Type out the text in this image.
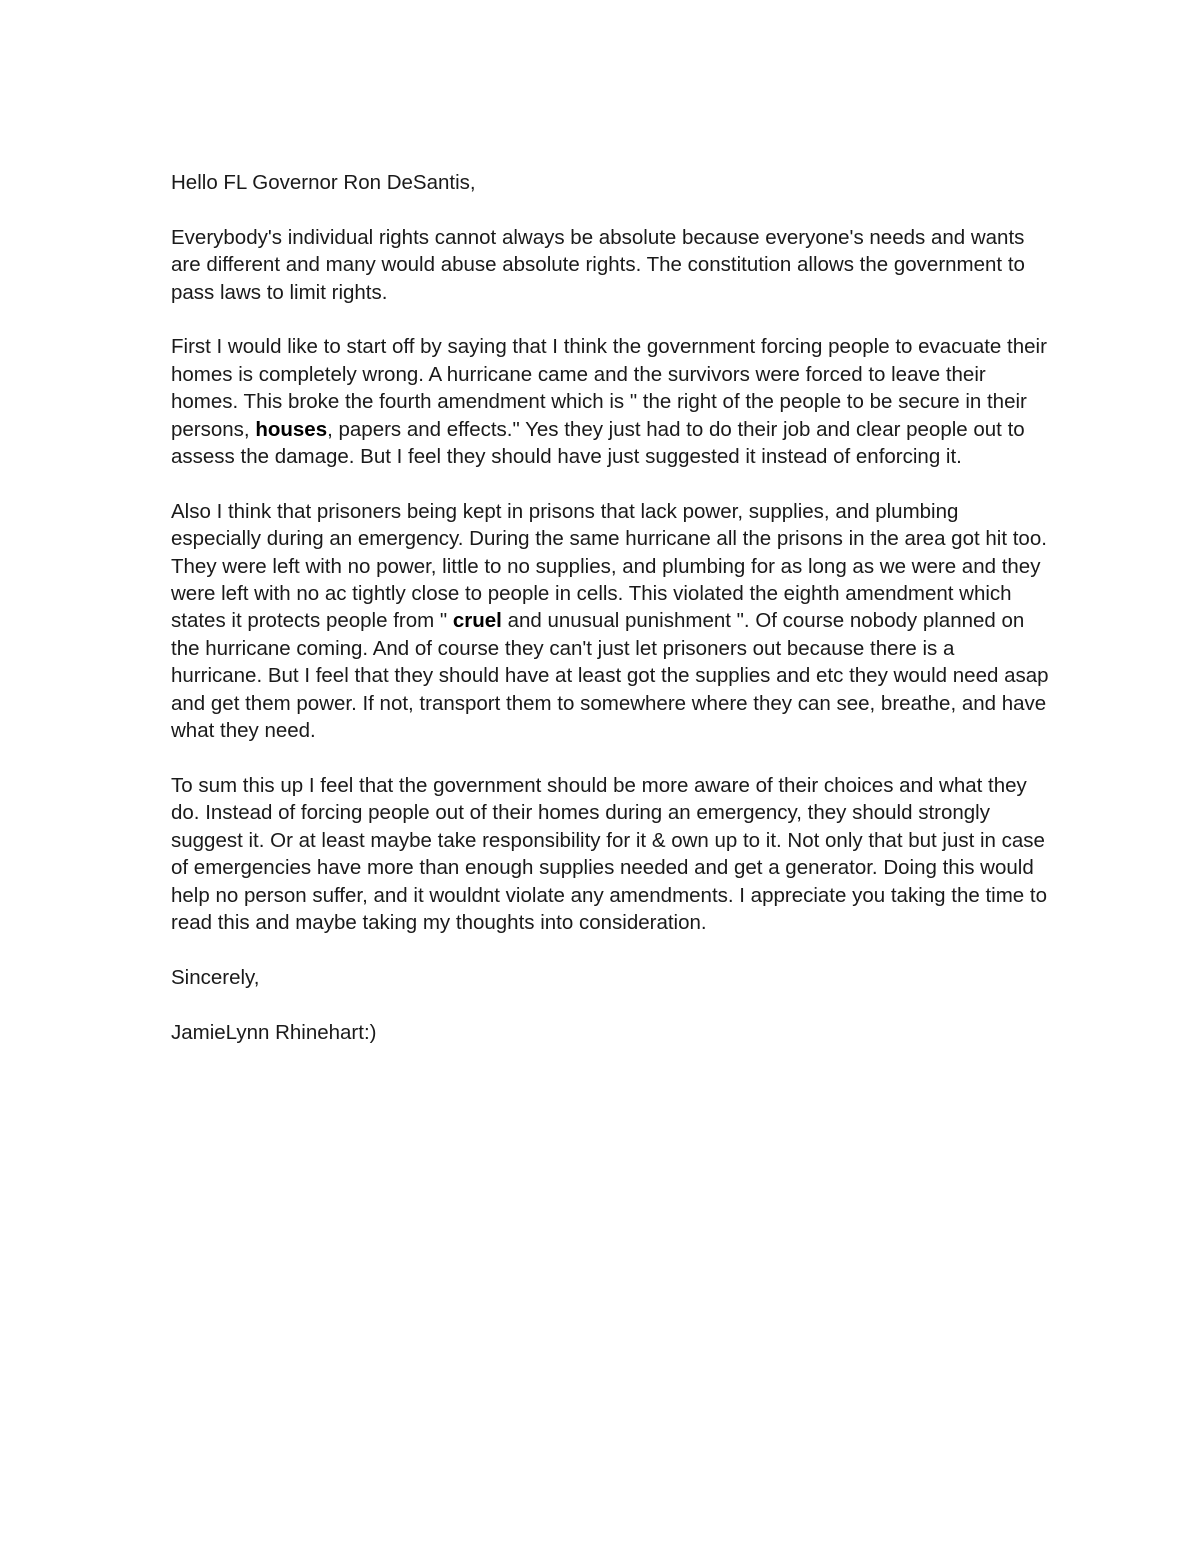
Hello FL Governor Ron DeSantis,

Everybody's individual rights cannot always be absolute because everyone's needs and wants are different and many would abuse absolute rights. The constitution allows the government to pass laws to limit rights.

First I would like to start off by saying that I think the government forcing people to evacuate their homes is completely wrong. A hurricane came and the survivors were forced to leave their homes. This broke the fourth amendment which is " the right of the people to be secure in their persons, houses, papers and effects." Yes they just had to do their job and clear people out to assess the damage. But I feel they should have just suggested it instead of enforcing it.

Also I think that prisoners being kept in prisons that lack power, supplies, and plumbing especially during an emergency. During the same hurricane all the prisons in the area got hit too. They were left with no power, little to no supplies, and plumbing for as long as we were and they were left with no ac tightly close to people in cells. This violated the eighth amendment which states it protects people from " cruel and unusual punishment ". Of course nobody planned on the hurricane coming. And of course they can't just let prisoners out because there is a hurricane. But I feel that they should have at least got the supplies and etc they would need asap and get them power. If not, transport them to somewhere where they can see, breathe, and have what they need.

To sum this up I feel that the government should be more aware of their choices and what they do. Instead of forcing people out of their homes during an emergency, they should strongly suggest it. Or at least maybe take responsibility for it & own up to it. Not only that but just in case of emergencies have more than enough supplies needed and get a generator. Doing this would help no person suffer, and it wouldnt violate any amendments. I appreciate you taking the time to read this and maybe taking my thoughts into consideration.

Sincerely,

JamieLynn Rhinehart:)
